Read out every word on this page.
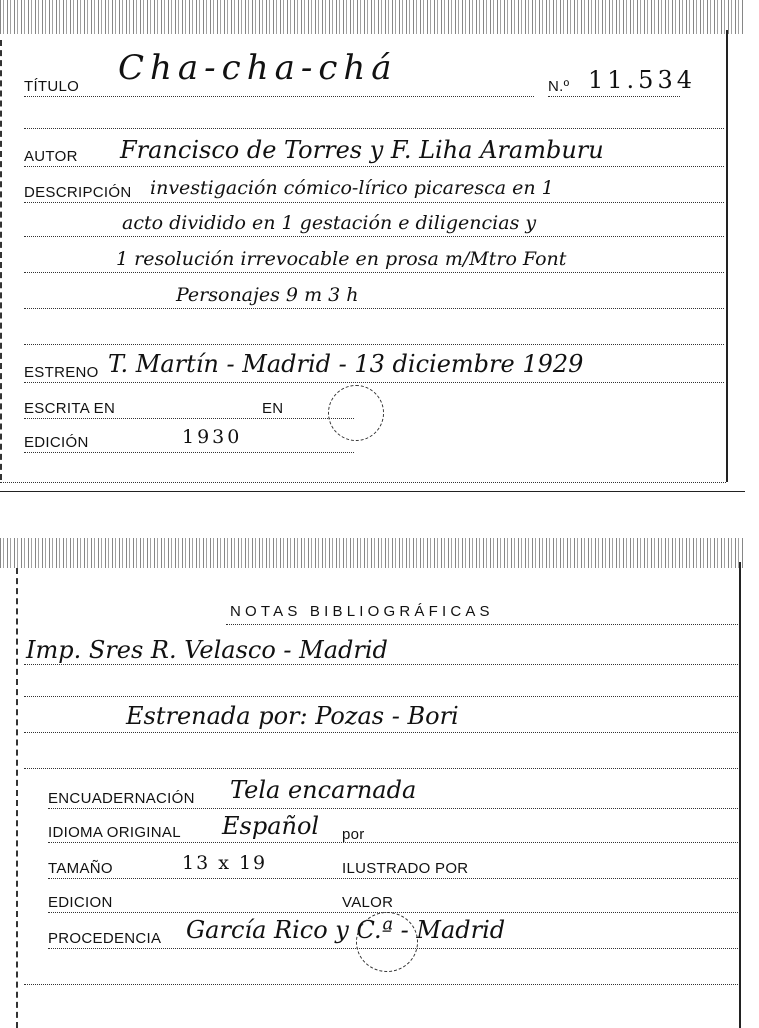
TÍTULO Cha-cha-chá	N.º 11.534
AUTOR Francisco de Torres y F. Liha Aramburu
DESCRIPCIÓN investigación cómico-lírico picaresca en 1
acto dividido en 1 gestación e diligencias y
1 resolución irrevocable en prosa m/Mtro Font
Personajes 9 m 3 h
ESTRENO T. Martín - Madrid - 13 diciembre 1929
ESCRITA EN	EN
EDICIÓN	1930
NOTAS BIBLIOGRÁFICAS
Imp. Sres R. Velasco - Madrid
Estrenada por: Pozas - Bori
ENCUADERNACIÓN Tela encarnada
IDIOMA ORIGINAL Español por
TAMAÑO	13 x 19	ILUSTRADO POR
EDICION	VALOR
PROCEDENCIA García Rico y C.ª - Madrid
